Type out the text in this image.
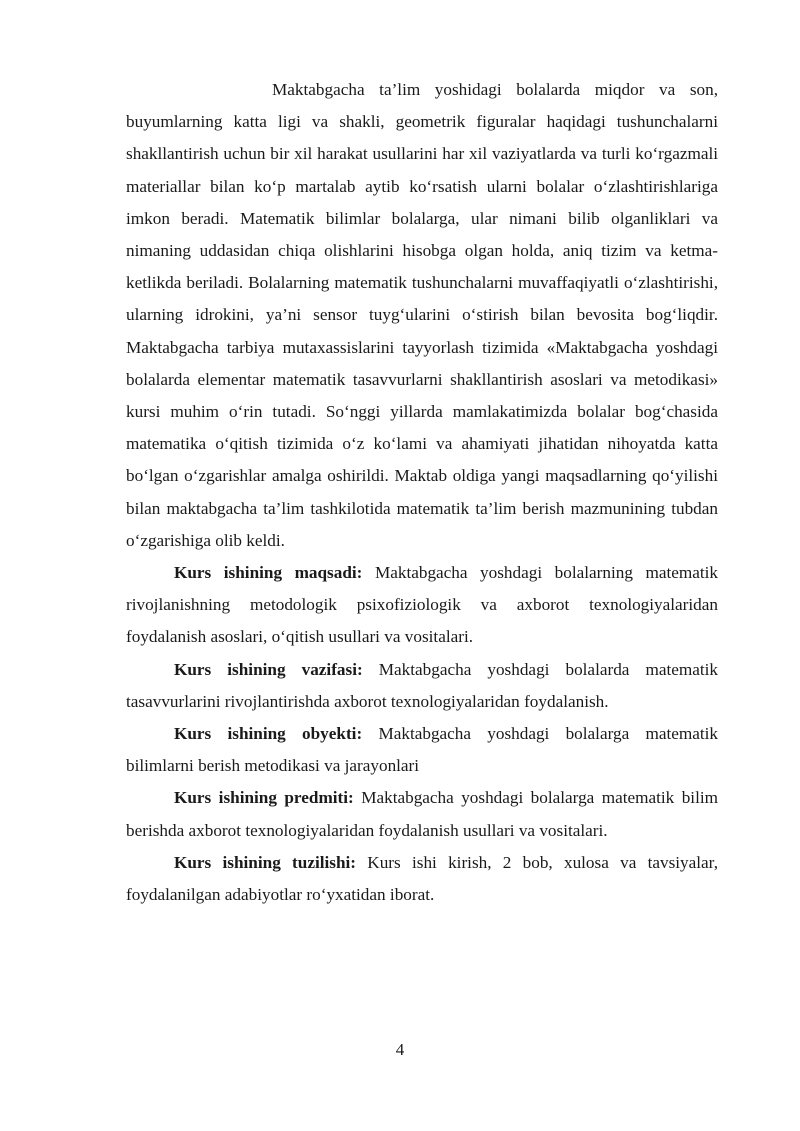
Maktabgacha ta’lim yoshidagi bolalarda miqdor va son, buyumlarning katta ligi va shakli, geometrik figuralar haqidagi tushunchalarni shakllantirish uchun bir xil harakat usullarini har xil vaziyatlarda va turli ko‘rgazmali materiallar bilan ko‘p martalab aytib ko‘rsatish ularni bolalar o‘zlashtirishlariga imkon beradi. Matematik bilimlar bolalarga, ular nimani bilib olganliklari va nimaning uddasidan chiqa olishlarini hisobga olgan holda, aniq tizim va ketma-ketlikda beriladi. Bolalarning matematik tushunchalarni muvaffaqiyatli o‘zlashtirishi, ularning idrokini, ya’ni sensor tuyg‘ularini o‘stirish bilan bevosita bog‘liqdir. Maktabgacha tarbiya mutaxassislarini tayyorlash tizimida «Maktabgacha yoshdagi bolalarda elementar matematik tasavvurlarni shakllantirish asoslari va metodikasi» kursi muhim o‘rin tutadi. So‘nggi yillarda mamlakatimizda bolalar bog‘chasida matematika o‘qitish tizimida o‘z ko‘lami va ahamiyati jihatidan nihoyatda katta bo‘lgan o‘zgarishlar amalga oshirildi. Maktab oldiga yangi maqsadlarning qo‘yilishi bilan maktabgacha ta’lim tashkilotida matematik ta’lim berish mazmunining tubdan o‘zgarishiga olib keldi.

Kurs ishining maqsadi: Maktabgacha yoshdagi bolalarning matematik rivojlanishning metodologik psixofiziologik va axborot texnologiyalaridan foydalanish asoslari, o‘qitish usullari va vositalari.

Kurs ishining vazifasi: Maktabgacha yoshdagi bolalarda matematik tasavvurlarini rivojlantirishda axborot texnologiyalaridan foydalanish.

Kurs ishining obyekti: Maktabgacha yoshdagi bolalarga matematik bilimlarni berish metodikasi va jarayonlari

Kurs ishining predmiti: Maktabgacha yoshdagi bolalarga matematik bilim berishda axborot texnologiyalaridan foydalanish usullari va vositalari.

Kurs ishining tuzilishi: Kurs ishi kirish, 2 bob, xulosa va tavsiyalar, foydalanilgan adabiyotlar ro‘yxatidan iborat.

4
